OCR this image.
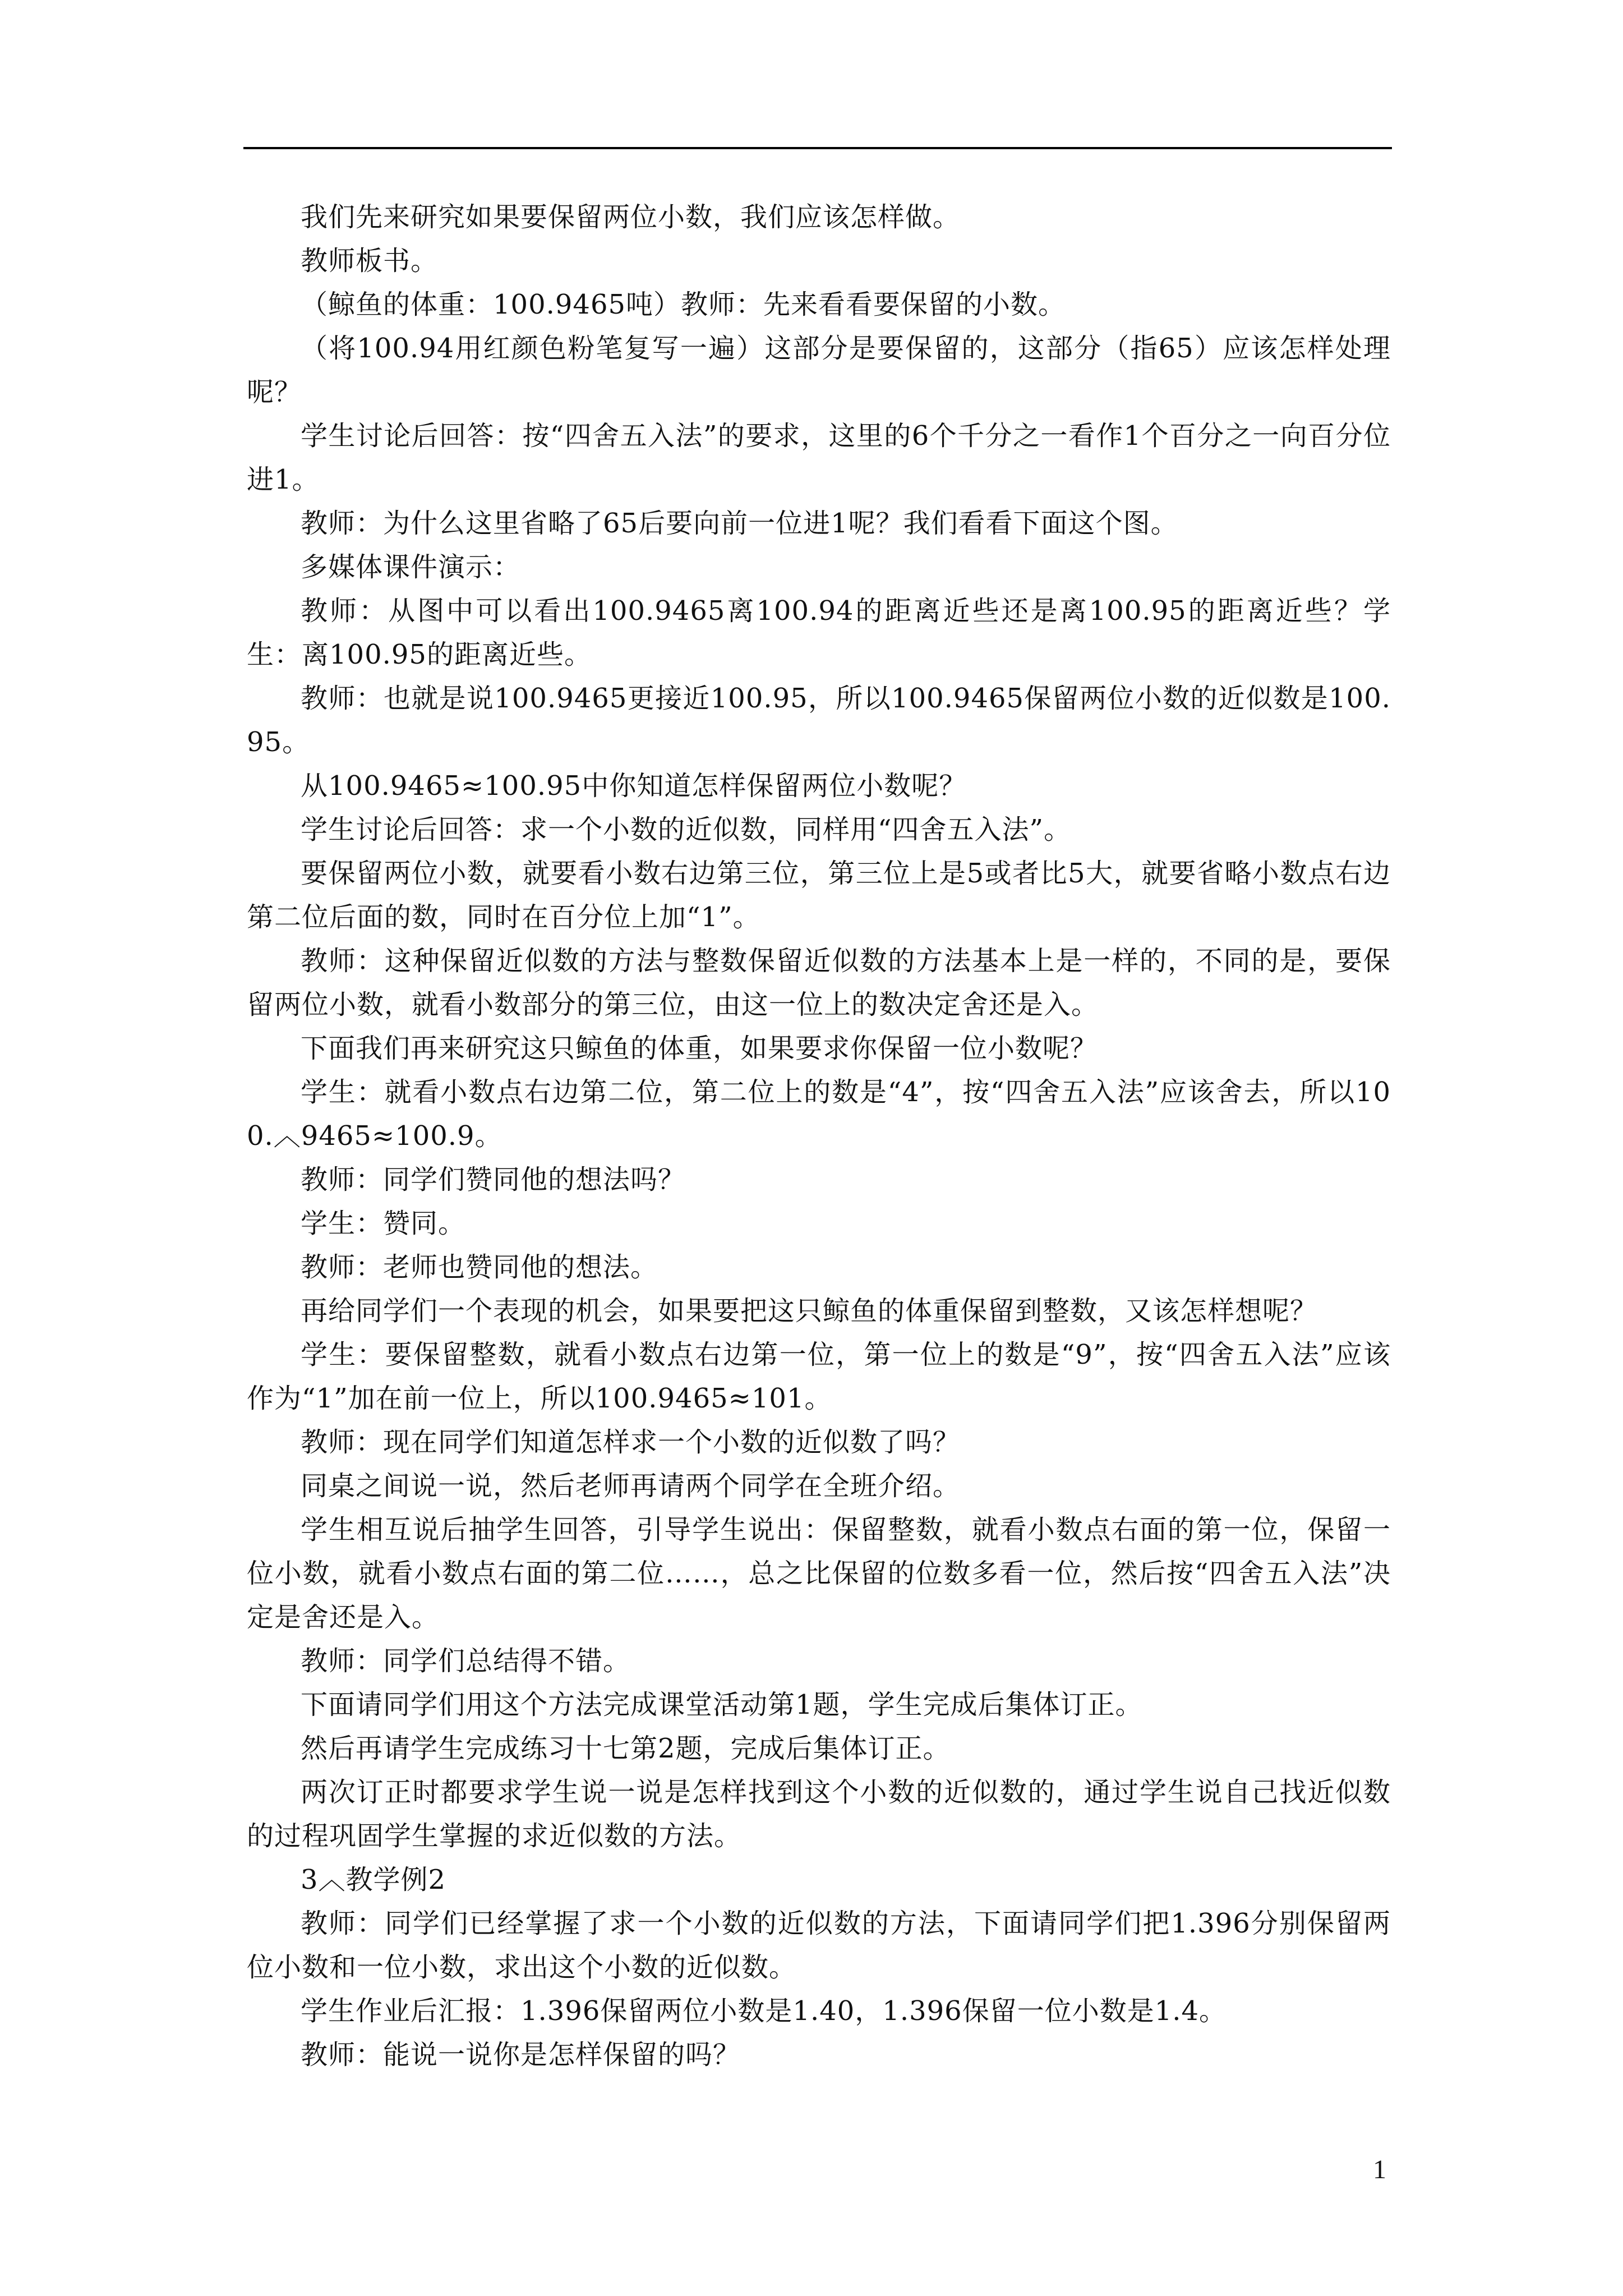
我们先来研究如果要保留两位小数，我们应该怎样做。

教师板书。

（鲸鱼的体重：100.9465吨）教师：先来看看要保留的小数。

（将100.94用红颜色粉笔复写一遍）这部分是要保留的，这部分（指65）应该怎样处理呢？

学生讨论后回答：按“四舍五入法”的要求，这里的6个千分之一看作1个百分之一向百分位进1。

教师：为什么这里省略了65后要向前一位进1呢？我们看看下面这个图。

多媒体课件演示：

教师：从图中可以看出100.9465离100.94的距离近些还是离100.95的距离近些？学生：离100.95的距离近些。

教师：也就是说100.9465更接近100.95，所以100.9465保留两位小数的近似数是100.95。

从100.9465≈100.95中你知道怎样保留两位小数呢？

学生讨论后回答：求一个小数的近似数，同样用“四舍五入法”。

要保留两位小数，就要看小数右边第三位，第三位上是5或者比5大，就要省略小数点右边第二位后面的数，同时在百分位上加“1”。

教师：这种保留近似数的方法与整数保留近似数的方法基本上是一样的，不同的是，要保留两位小数，就看小数部分的第三位，由这一位上的数决定舍还是入。

下面我们再来研究这只鲸鱼的体重，如果要求你保留一位小数呢？

学生：就看小数点右边第二位，第二位上的数是“4”，按“四舍五入法”应该舍去，所以100.︿9465≈100.9。

教师：同学们赞同他的想法吗？

学生：赞同。

教师：老师也赞同他的想法。

再给同学们一个表现的机会，如果要把这只鲸鱼的体重保留到整数，又该怎样想呢？

学生：要保留整数，就看小数点右边第一位，第一位上的数是“9”，按“四舍五入法”应该作为“1”加在前一位上，所以100.9465≈101。

教师：现在同学们知道怎样求一个小数的近似数了吗？

同桌之间说一说，然后老师再请两个同学在全班介绍。

学生相互说后抽学生回答，引导学生说出：保留整数，就看小数点右面的第一位，保留一位小数，就看小数点右面的第二位……，总之比保留的位数多看一位，然后按“四舍五入法”决定是舍还是入。

教师：同学们总结得不错。

下面请同学们用这个方法完成课堂活动第1题，学生完成后集体订正。

然后再请学生完成练习十七第2题，完成后集体订正。

两次订正时都要求学生说一说是怎样找到这个小数的近似数的，通过学生说自己找近似数的过程巩固学生掌握的求近似数的方法。

3︿教学例2

教师：同学们已经掌握了求一个小数的近似数的方法，下面请同学们把1.396分别保留两位小数和一位小数，求出这个小数的近似数。

学生作业后汇报：1.396保留两位小数是1.40，1.396保留一位小数是1.4。

教师：能说一说你是怎样保留的吗？

1
